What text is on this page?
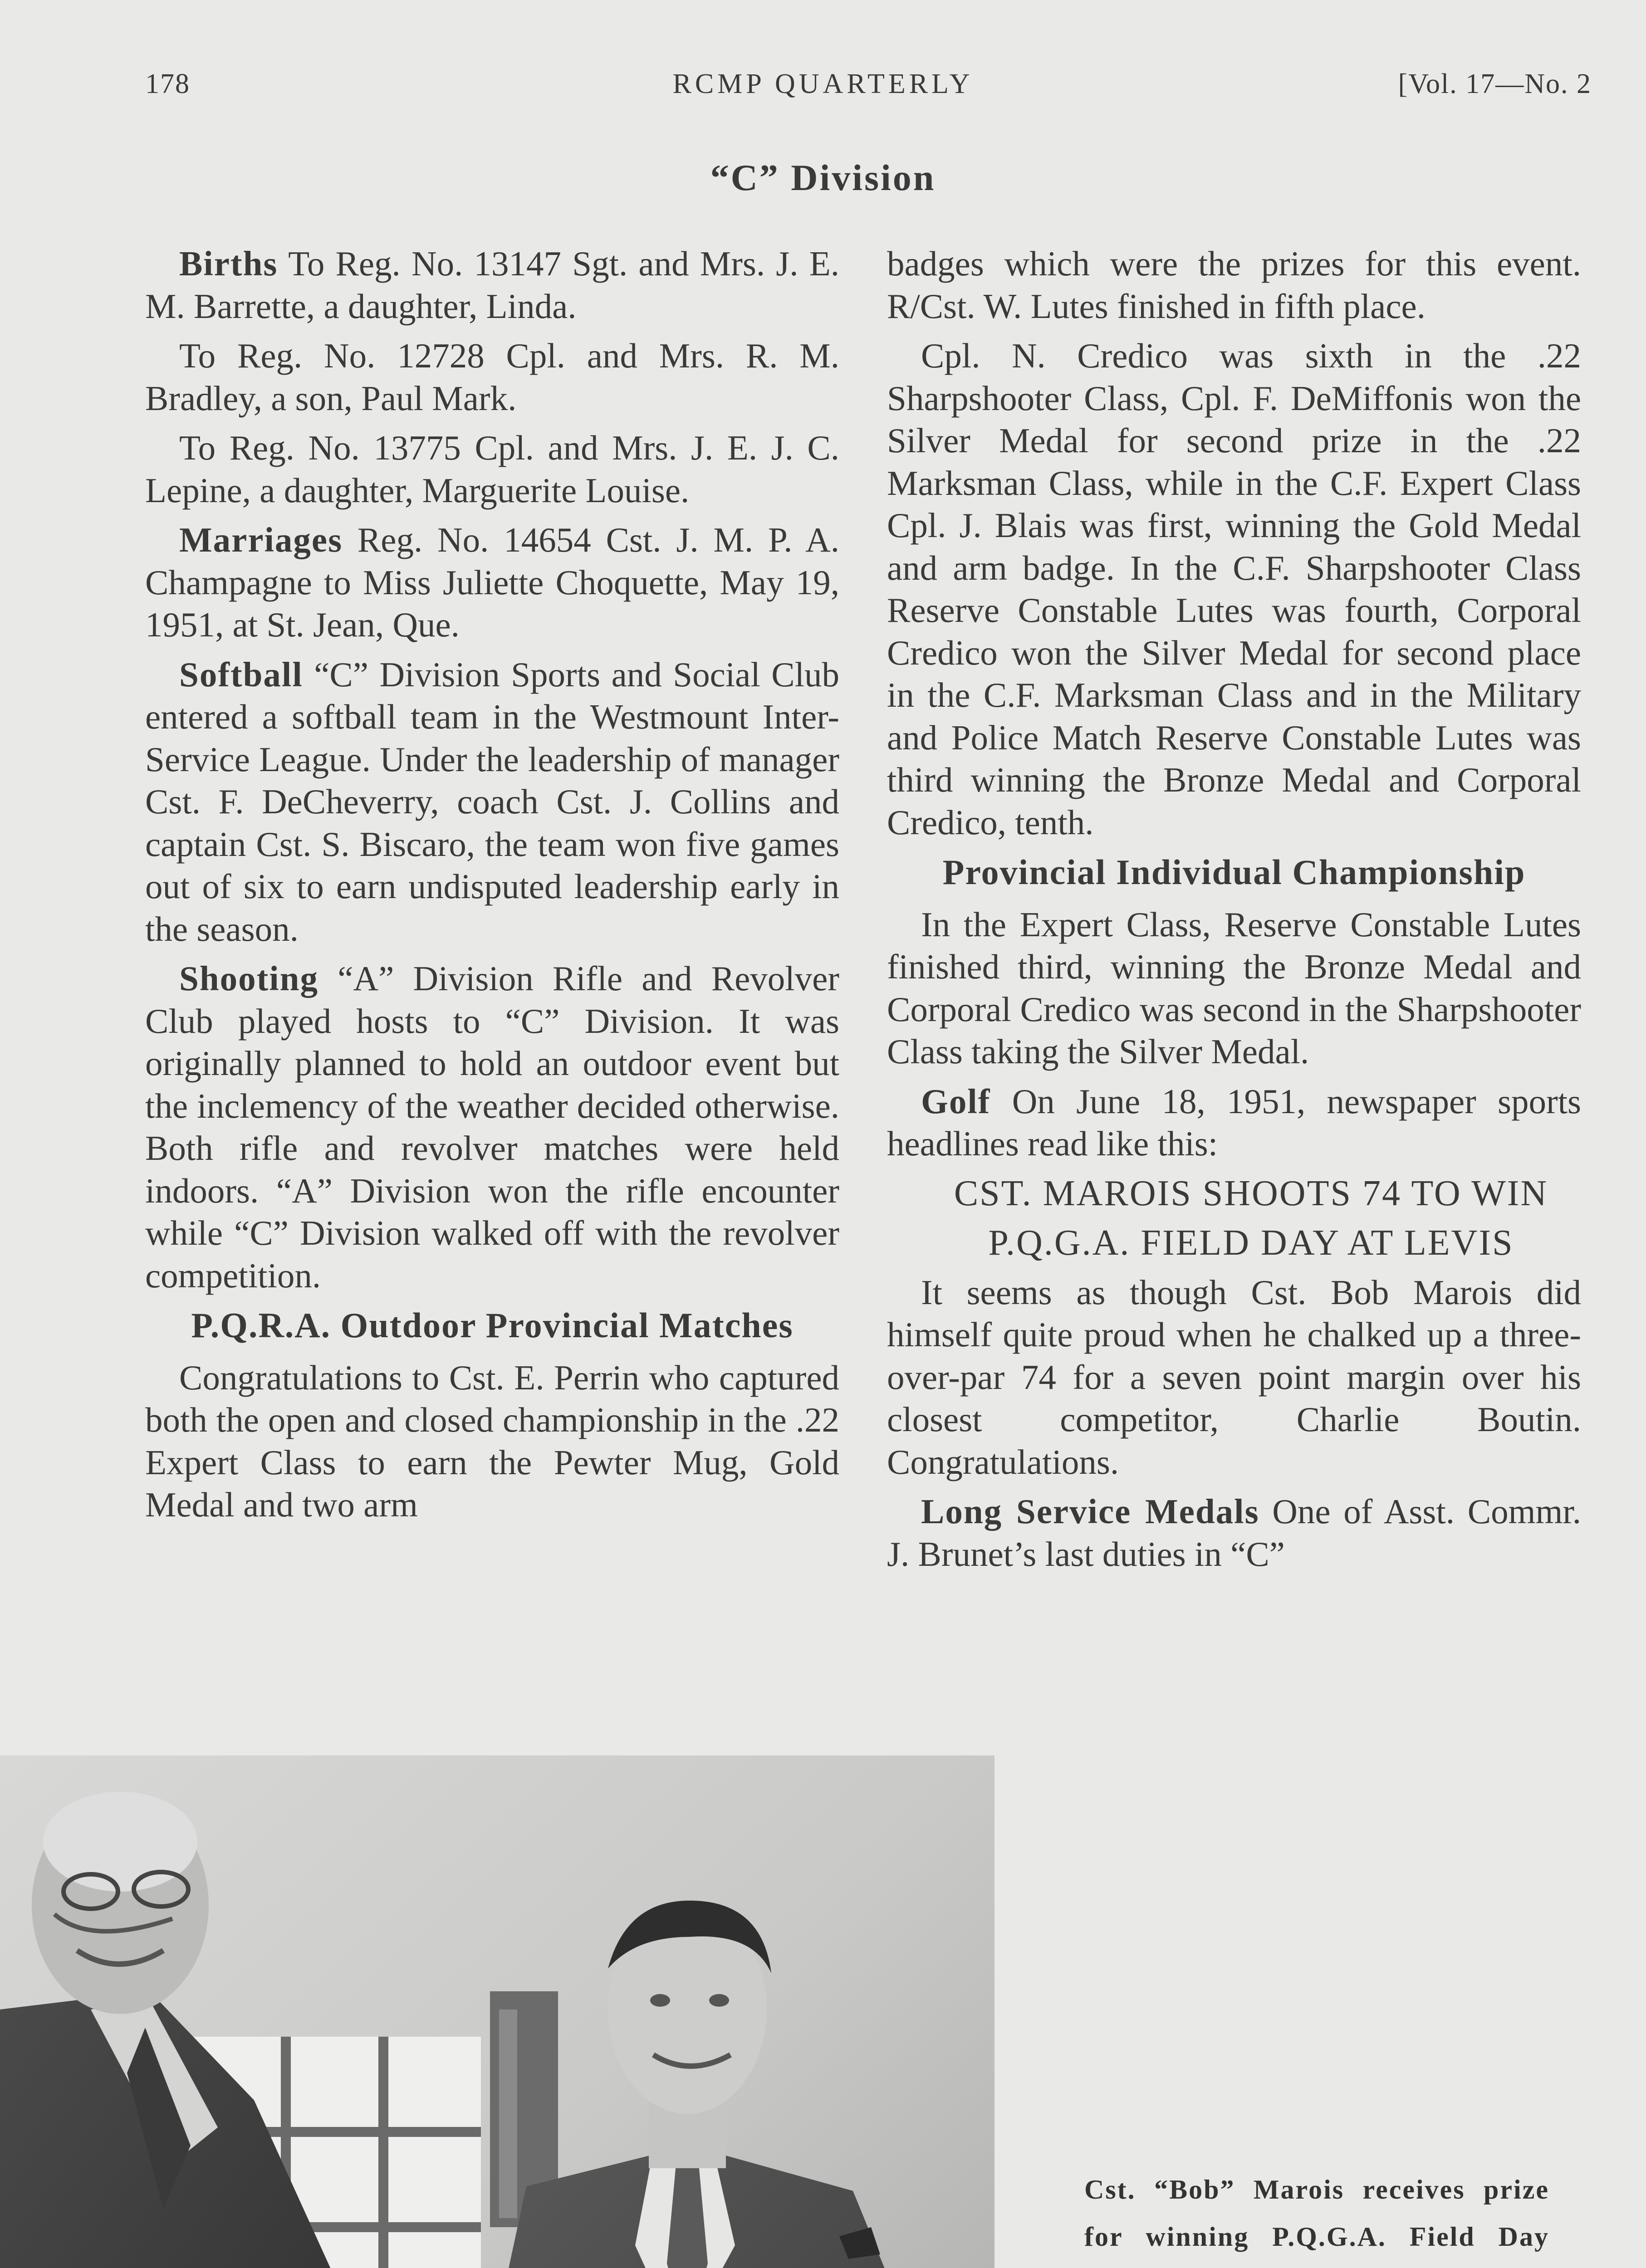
178	RCMP QUARTERLY	[Vol. 17—No. 2
“C” Division

Births To Reg. No. 13147 Sgt. and Mrs. J. E. M. Barrette, a daughter, Linda.

To Reg. No. 12728 Cpl. and Mrs. R. M. Bradley, a son, Paul Mark.

To Reg. No. 13775 Cpl. and Mrs. J. E. J. C. Lepine, a daughter, Marguerite Louise.

Marriages Reg. No. 14654 Cst. J. M. P. A. Champagne to Miss Juliette Choquette, May 19, 1951, at St. Jean, Que.

Softball “C” Division Sports and Social Club entered a softball team in the Westmount Inter-Service League. Under the leadership of manager Cst. F. DeCheverry, coach Cst. J. Collins and captain Cst. S. Biscaro, the team won five games out of six to earn undisputed leadership early in the season.

Shooting “A” Division Rifle and Revolver Club played hosts to “C” Division. It was originally planned to hold an outdoor event but the inclemency of the weather decided otherwise. Both rifle and revolver matches were held indoors. “A” Division won the rifle encounter while “C” Division walked off with the revolver competition.

P.Q.R.A. Outdoor Provincial Matches

Congratulations to Cst. E. Perrin who captured both the open and closed championship in the .22 Expert Class to earn the Pewter Mug, Gold Medal and two arm

badges which were the prizes for this event. R/Cst. W. Lutes finished in fifth place.

Cpl. N. Credico was sixth in the .22 Sharpshooter Class, Cpl. F. DeMiffonis won the Silver Medal for second prize in the .22 Marksman Class, while in the C.F. Expert Class Cpl. J. Blais was first, winning the Gold Medal and arm badge. In the C.F. Sharpshooter Class Reserve Constable Lutes was fourth, Corporal Credico won the Silver Medal for second place in the C.F. Marksman Class and in the Military and Police Match Reserve Constable Lutes was third winning the Bronze Medal and Corporal Credico, tenth.

Provincial Individual Championship

In the Expert Class, Reserve Constable Lutes finished third, winning the Bronze Medal and Corporal Credico was second in the Sharpshooter Class taking the Silver Medal.

Golf On June 18, 1951, newspaper sports headlines read like this:

CST. MAROIS SHOOTS 74 TO WIN

P.Q.G.A. FIELD DAY AT LEVIS

It seems as though Cst. Bob Marois did himself quite proud when he chalked up a three-over-par 74 for a seven point margin over his closest competitor, Charlie Boutin. Congratulations.

Long Service Medals One of Asst. Commr. J. Brunet’s last duties in “C”

Cst. “Bob” Marois receives prize for winning P.Q.G.A. Field Day
